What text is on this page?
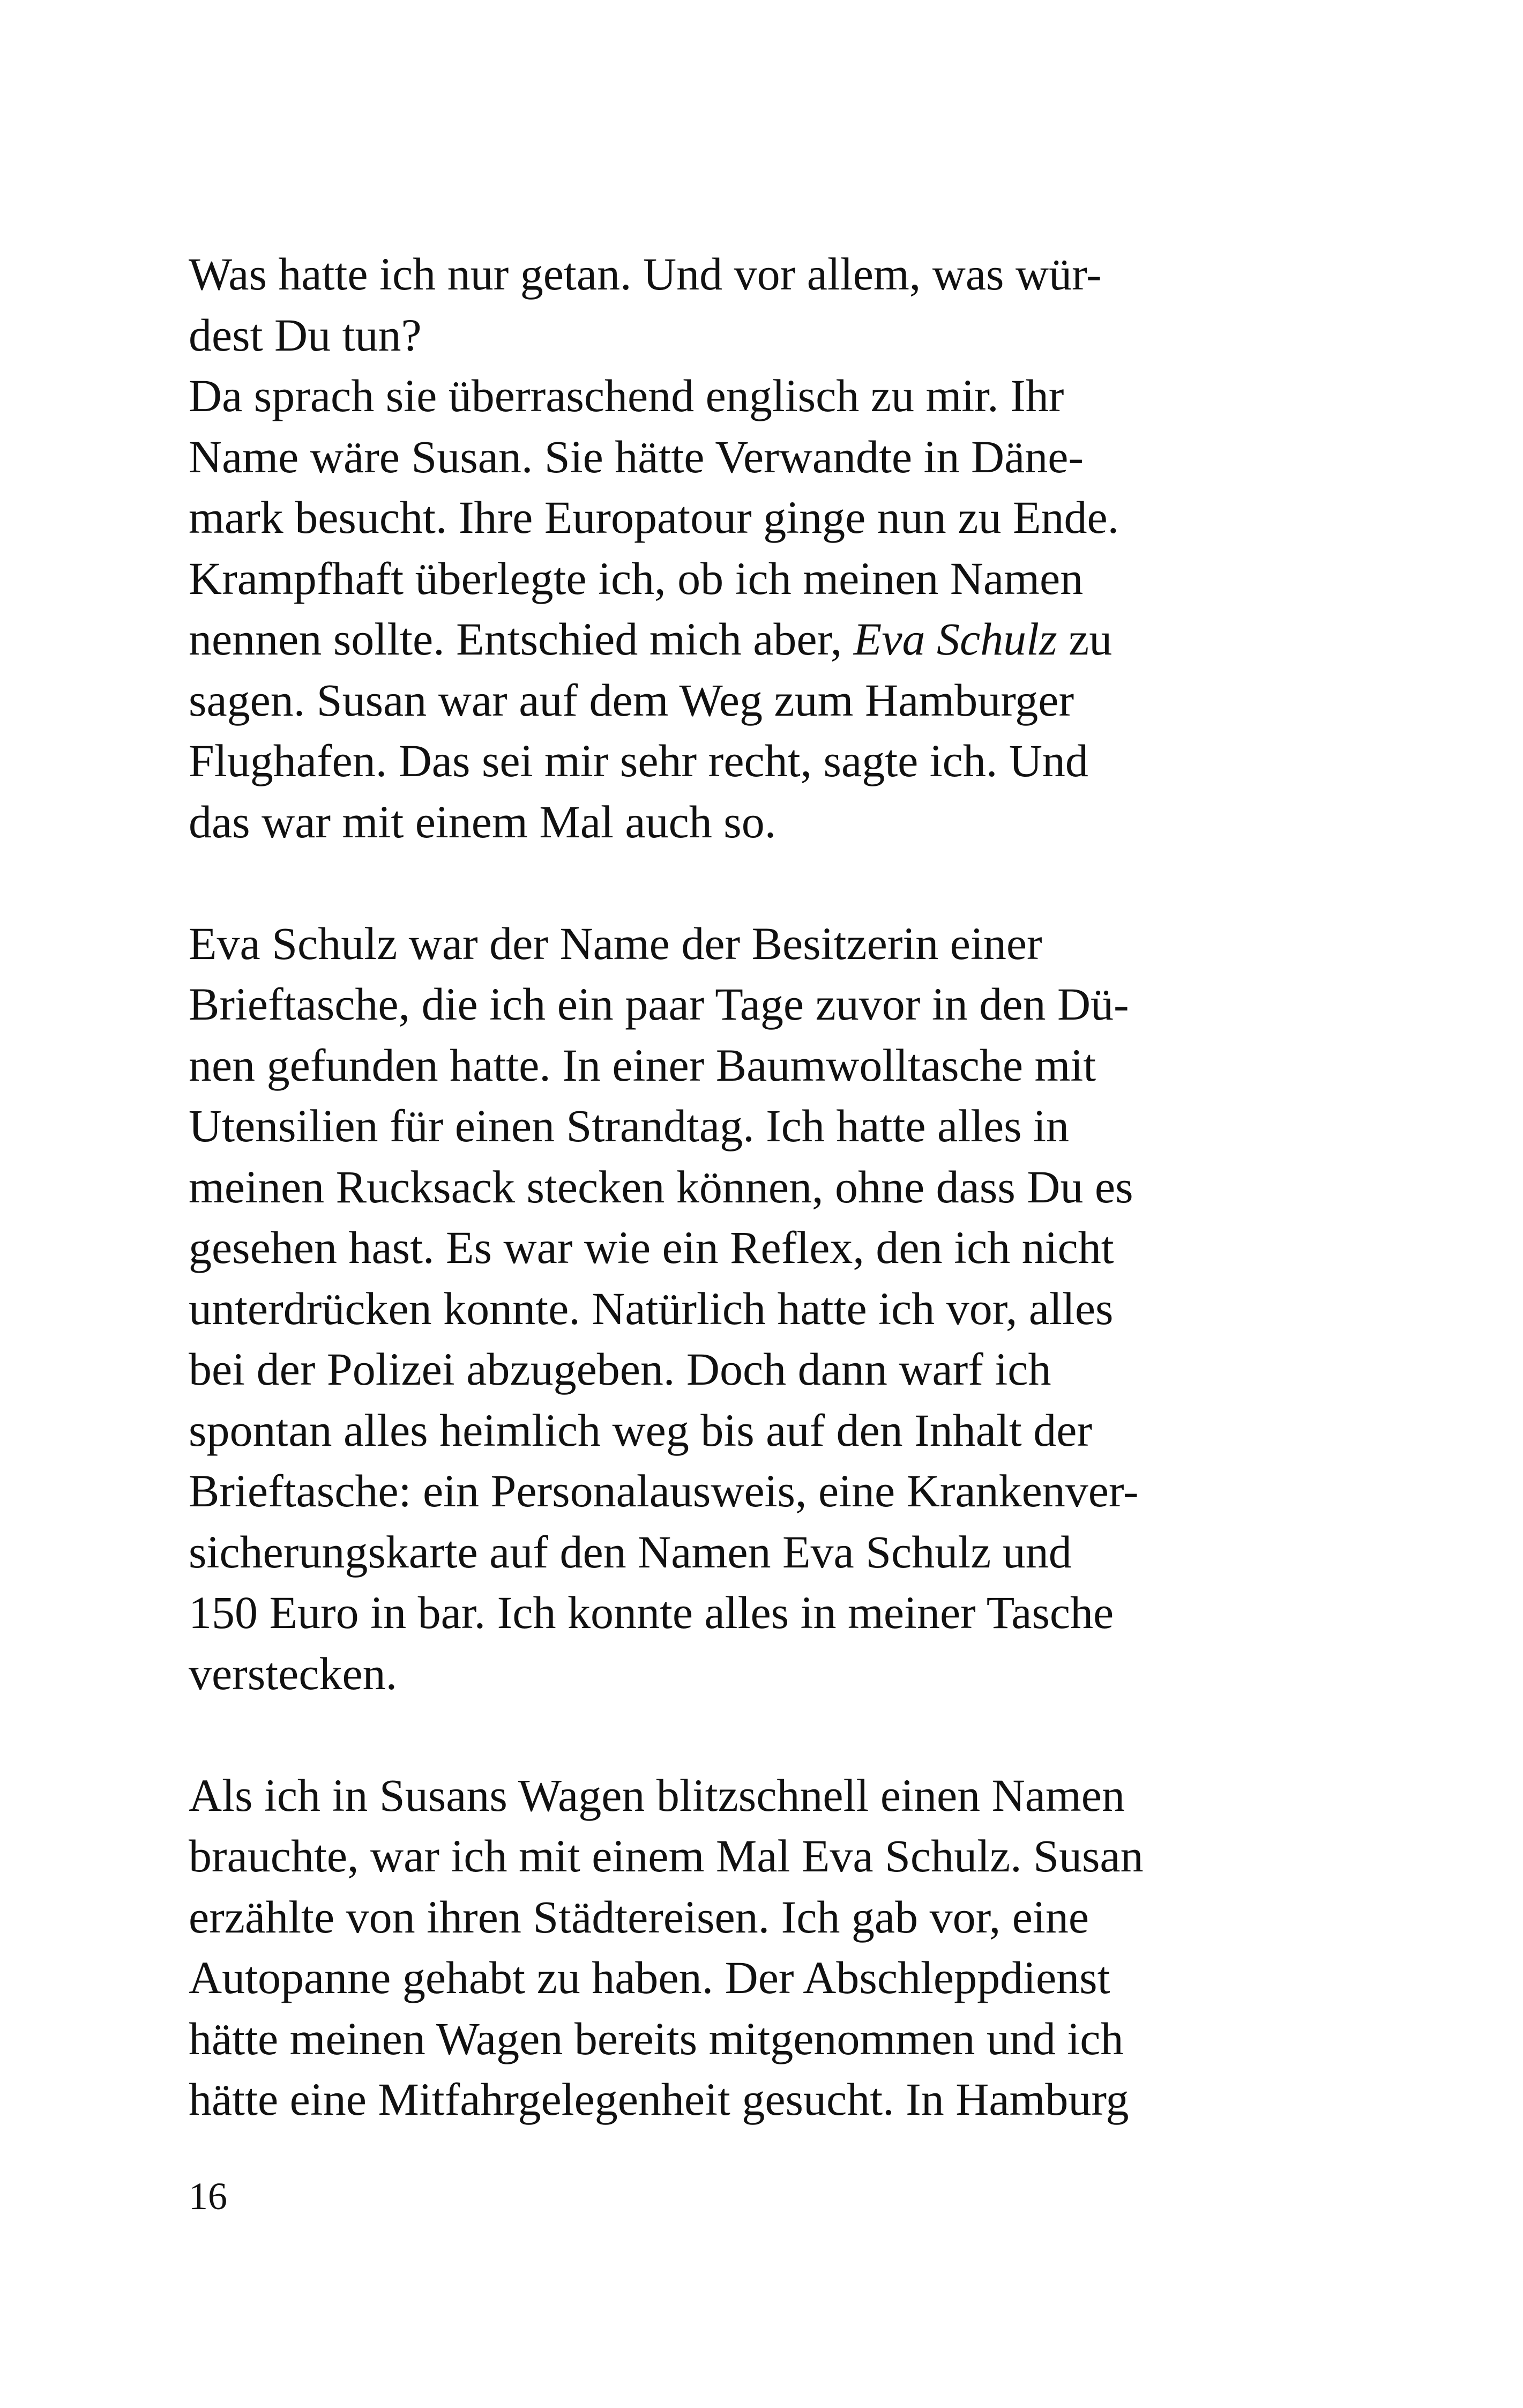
Was hatte ich nur getan. Und vor allem, was wür-
dest Du tun?
Da sprach sie überraschend englisch zu mir. Ihr
Name wäre Susan. Sie hätte Verwandte in Däne-
mark besucht. Ihre Europatour ginge nun zu Ende.
Krampfhaft überlegte ich, ob ich meinen Namen
nennen sollte. Entschied mich aber, Eva Schulz zu
sagen. Susan war auf dem Weg zum Hamburger
Flughafen. Das sei mir sehr recht, sagte ich. Und
das war mit einem Mal auch so.

Eva Schulz war der Name der Besitzerin einer
Brieftasche, die ich ein paar Tage zuvor in den Dü-
nen gefunden hatte. In einer Baumwolltasche mit
Utensilien für einen Strandtag. Ich hatte alles in
meinen Rucksack stecken können, ohne dass Du es
gesehen hast. Es war wie ein Reflex, den ich nicht
unterdrücken konnte. Natürlich hatte ich vor, alles
bei der Polizei abzugeben. Doch dann warf ich
spontan alles heimlich weg bis auf den Inhalt der
Brieftasche: ein Personalausweis, eine Krankenver-
sicherungskarte auf den Namen Eva Schulz und
150 Euro in bar. Ich konnte alles in meiner Tasche
verstecken.

Als ich in Susans Wagen blitzschnell einen Namen
brauchte, war ich mit einem Mal Eva Schulz. Susan
erzählte von ihren Städtereisen. Ich gab vor, eine
Autopanne gehabt zu haben. Der Abschleppdienst
hätte meinen Wagen bereits mitgenommen und ich
hätte eine Mitfahrgelegenheit gesucht. In Hamburg

16
